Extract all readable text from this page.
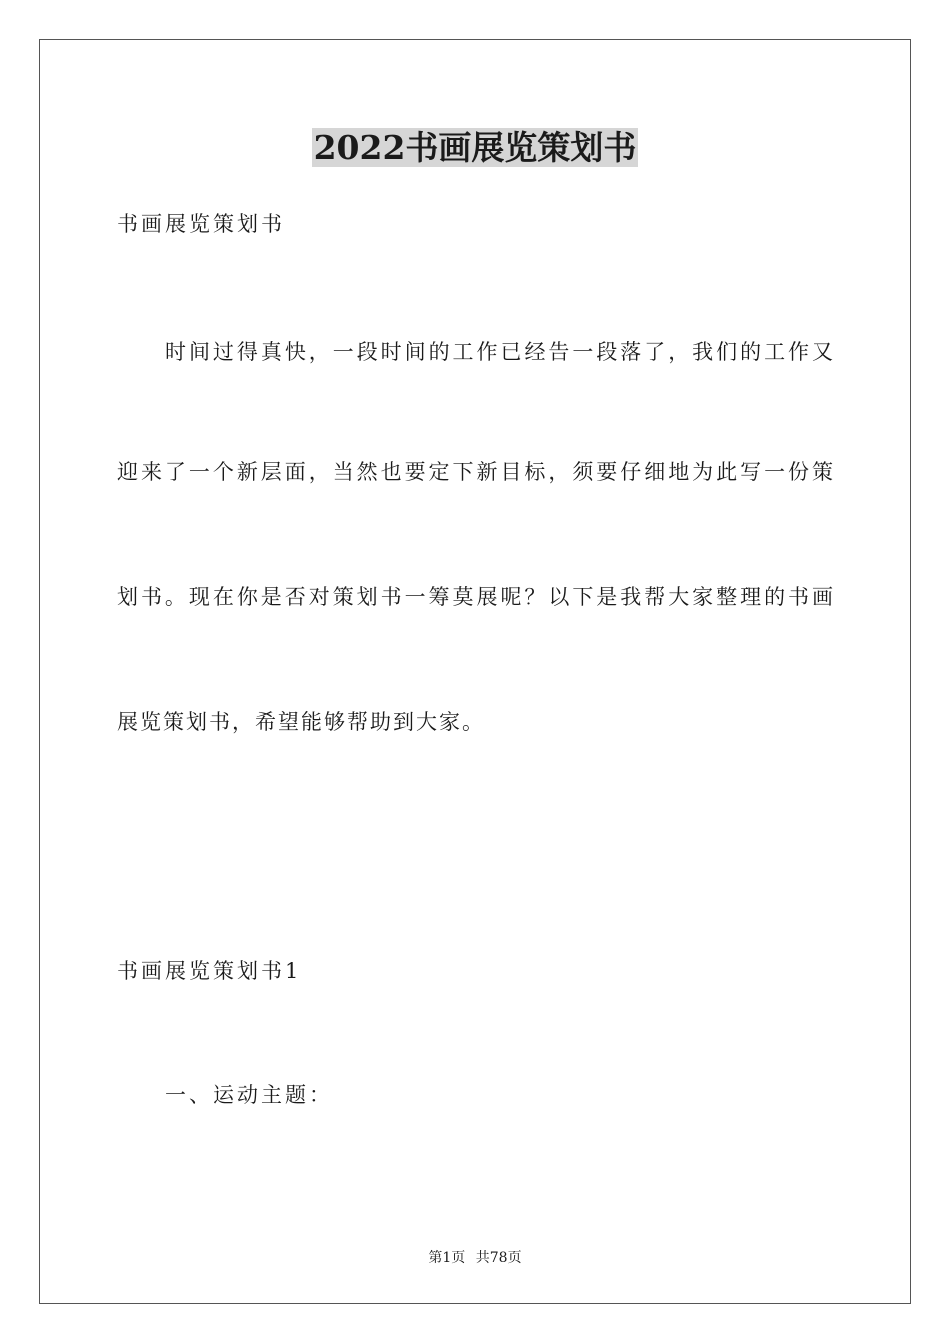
2022书画展览策划书

书画展览策划书

时间过得真快，一段时间的工作已经告一段落了，我们的工作又

迎来了一个新层面，当然也要定下新目标，须要仔细地为此写一份策

划书。现在你是否对策划书一筹莫展呢？以下是我帮大家整理的书画

展览策划书，希望能够帮助到大家。

书画展览策划书1

一、运动主题：

第1页 共78页
